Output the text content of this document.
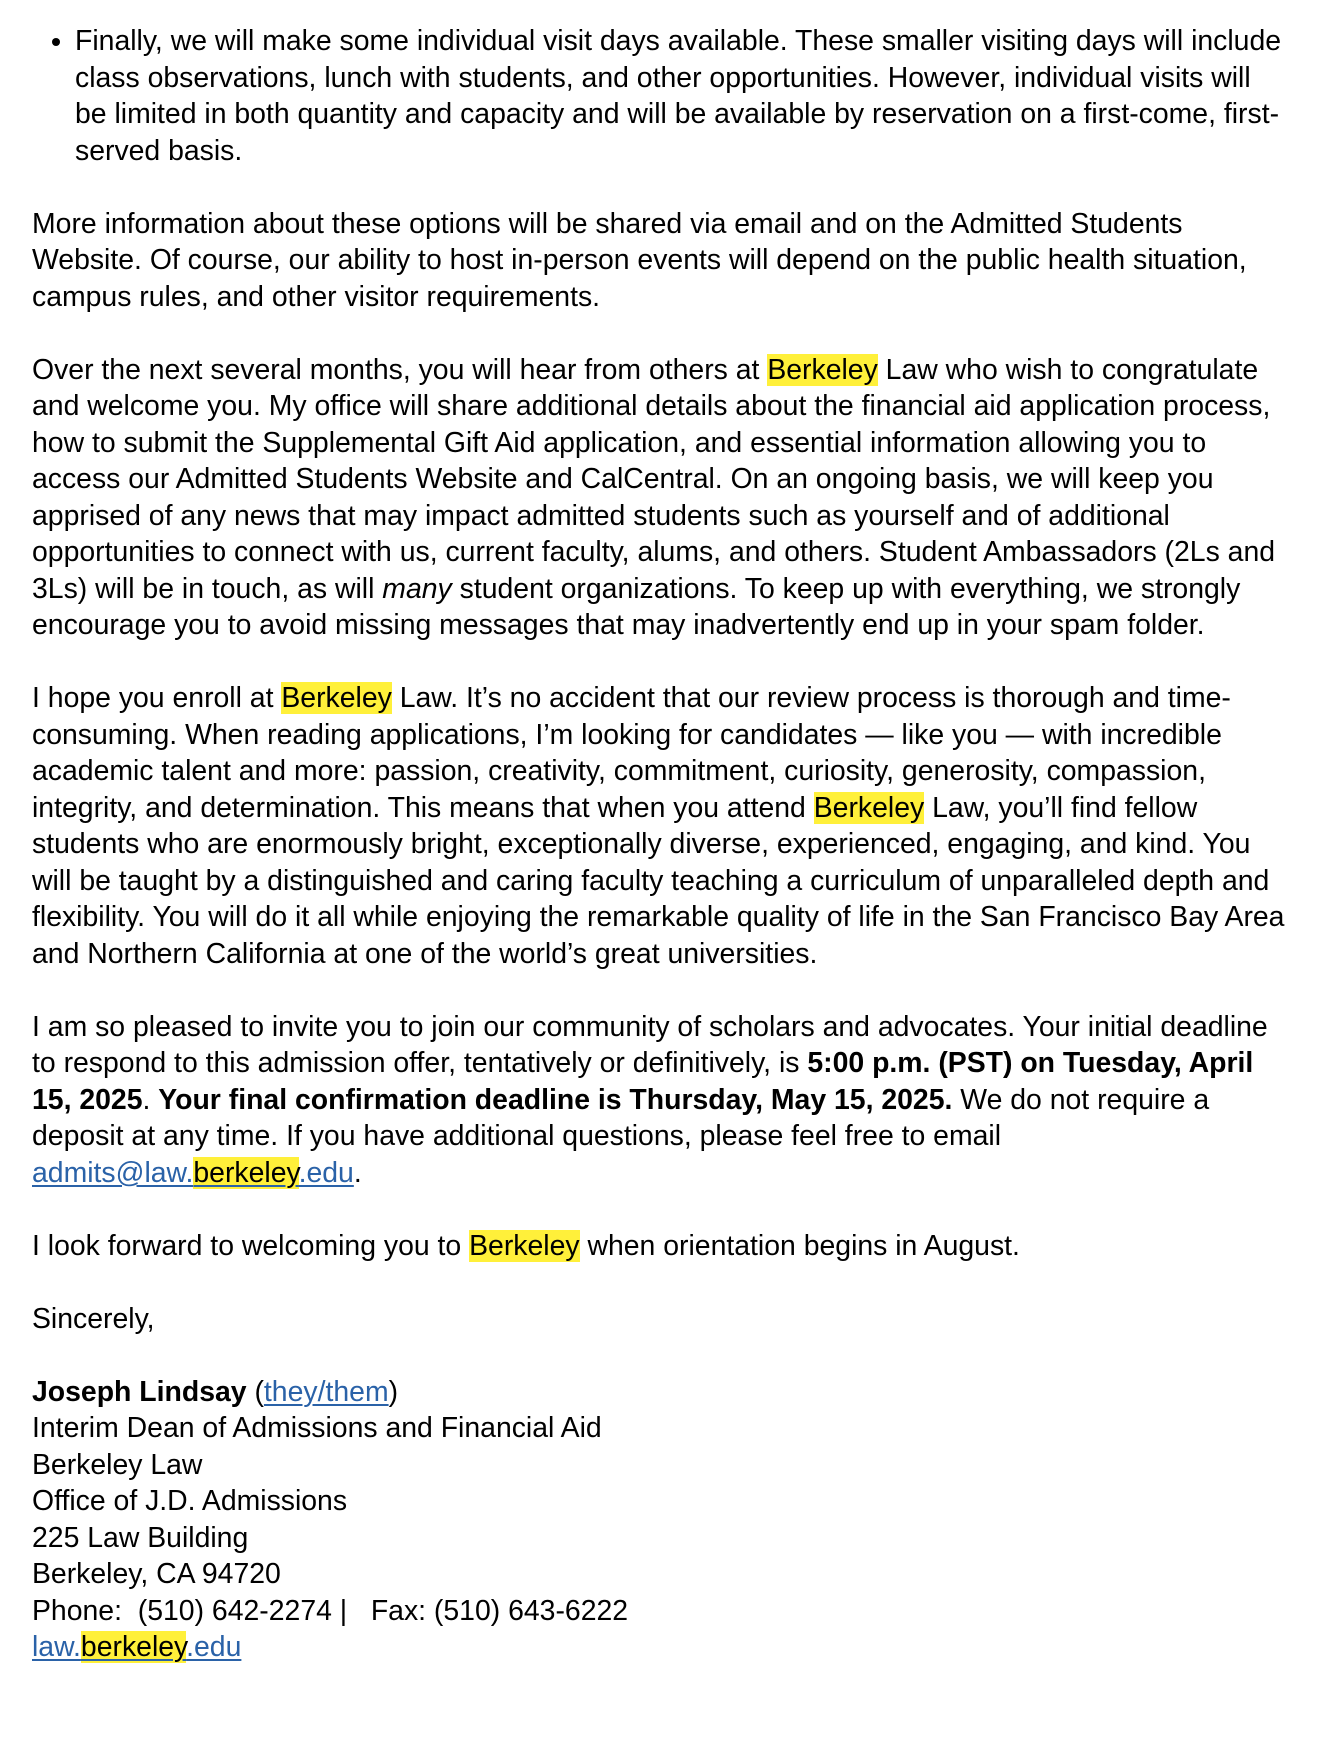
• Finally, we will make some individual visit days available. These smaller visiting days will include class observations, lunch with students, and other opportunities. However, individual visits will be limited in both quantity and capacity and will be available by reservation on a first-come, first-served basis.

More information about these options will be shared via email and on the Admitted Students Website. Of course, our ability to host in-person events will depend on the public health situation, campus rules, and other visitor requirements.

Over the next several months, you will hear from others at Berkeley Law who wish to congratulate and welcome you. My office will share additional details about the financial aid application process, how to submit the Supplemental Gift Aid application, and essential information allowing you to access our Admitted Students Website and CalCentral. On an ongoing basis, we will keep you apprised of any news that may impact admitted students such as yourself and of additional opportunities to connect with us, current faculty, alums, and others. Student Ambassadors (2Ls and 3Ls) will be in touch, as will many student organizations. To keep up with everything, we strongly encourage you to avoid missing messages that may inadvertently end up in your spam folder.

I hope you enroll at Berkeley Law. It’s no accident that our review process is thorough and time-consuming. When reading applications, I’m looking for candidates — like you — with incredible academic talent and more: passion, creativity, commitment, curiosity, generosity, compassion, integrity, and determination. This means that when you attend Berkeley Law, you’ll find fellow students who are enormously bright, exceptionally diverse, experienced, engaging, and kind. You will be taught by a distinguished and caring faculty teaching a curriculum of unparalleled depth and flexibility. You will do it all while enjoying the remarkable quality of life in the San Francisco Bay Area and Northern California at one of the world’s great universities.

I am so pleased to invite you to join our community of scholars and advocates. Your initial deadline to respond to this admission offer, tentatively or definitively, is 5:00 p.m. (PST) on Tuesday, April 15, 2025. Your final confirmation deadline is Thursday, May 15, 2025. We do not require a deposit at any time. If you have additional questions, please feel free to email admits@law.berkeley.edu.

I look forward to welcoming you to Berkeley when orientation begins in August.

Sincerely,

Joseph Lindsay (they/them)

Interim Dean of Admissions and Financial Aid

Berkeley Law

Office of J.D. Admissions

225 Law Building

Berkeley, CA 94720

Phone:  (510) 642-2274 |   Fax: (510) 643-6222

law.berkeley.edu
